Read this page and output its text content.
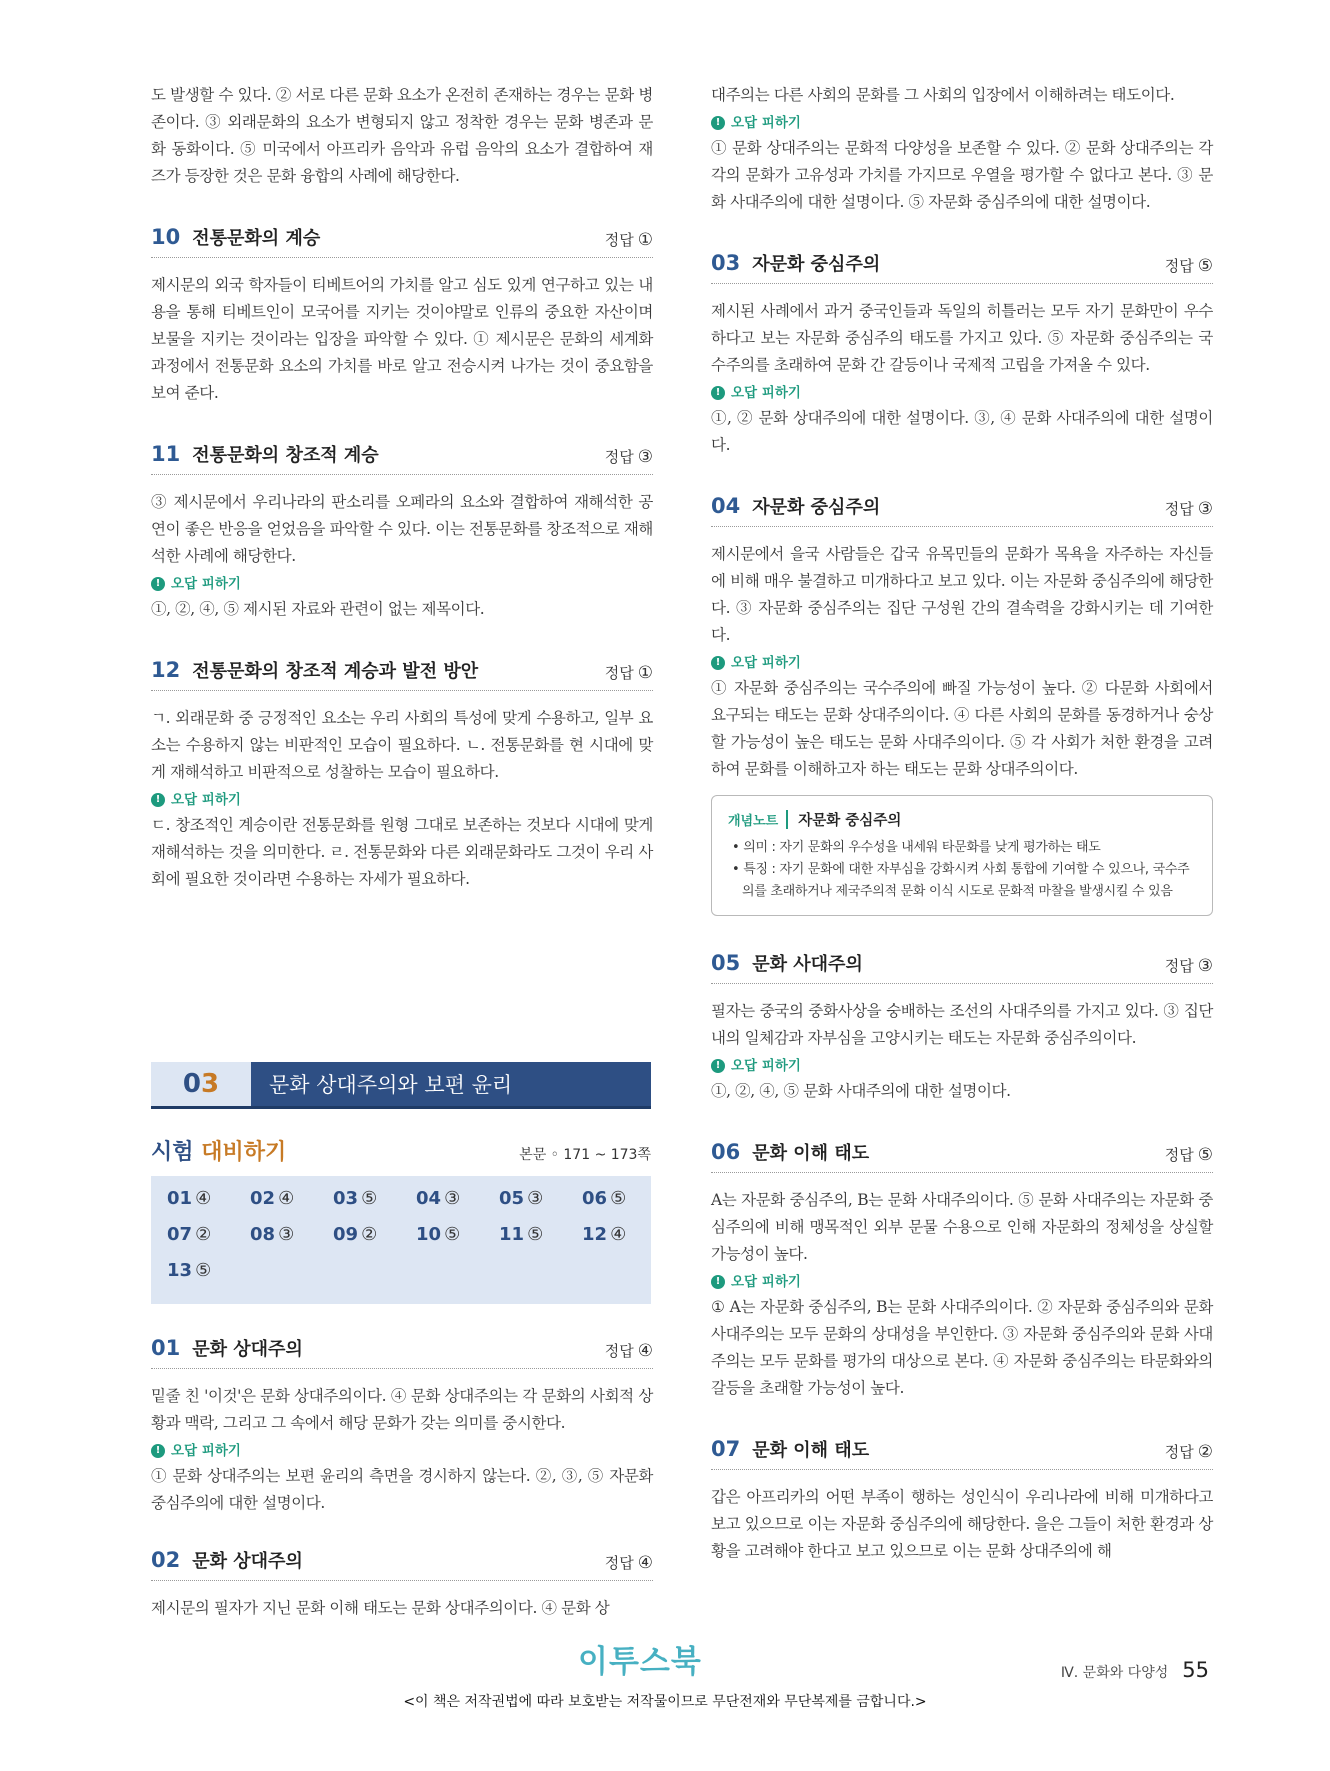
도 발생할 수 있다. ② 서로 다른 문화 요소가 온전히 존재하는 경우는 문화 병존이다. ③ 외래문화의 요소가 변형되지 않고 정착한 경우는 문화 병존과 문화 동화이다. ⑤ 미국에서 아프리카 음악과 유럽 음악의 요소가 결합하여 재즈가 등장한 것은 문화 융합의 사례에 해당한다.

10 전통문화의 계승	정답 ①

제시문의 외국 학자들이 티베트어의 가치를 알고 심도 있게 연구하고 있는 내용을 통해 티베트인이 모국어를 지키는 것이야말로 인류의 중요한 자산이며 보물을 지키는 것이라는 입장을 파악할 수 있다. ① 제시문은 문화의 세계화 과정에서 전통문화 요소의 가치를 바로 알고 전승시켜 나가는 것이 중요함을 보여 준다.

11 전통문화의 창조적 계승	정답 ③

③ 제시문에서 우리나라의 판소리를 오페라의 요소와 결합하여 재해석한 공연이 좋은 반응을 얻었음을 파악할 수 있다. 이는 전통문화를 창조적으로 재해석한 사례에 해당한다.

! 오답 피하기

①, ②, ④, ⑤ 제시된 자료와 관련이 없는 제목이다.

12 전통문화의 창조적 계승과 발전 방안	정답 ①

ㄱ. 외래문화 중 긍정적인 요소는 우리 사회의 특성에 맞게 수용하고, 일부 요소는 수용하지 않는 비판적인 모습이 필요하다. ㄴ. 전통문화를 현 시대에 맞게 재해석하고 비판적으로 성찰하는 모습이 필요하다.

! 오답 피하기

ㄷ. 창조적인 계승이란 전통문화를 원형 그대로 보존하는 것보다 시대에 맞게 재해석하는 것을 의미한다. ㄹ. 전통문화와 다른 외래문화라도 그것이 우리 사회에 필요한 것이라면 수용하는 자세가 필요하다.

0 3 문화 상대주의와 보편 윤리
시험 대비하기	본문 ◦ 171 ~ 173쪽
01 ④	02 ④	03 ⑤	04 ③	05 ③	06 ⑤
07 ②	08 ③	09 ②	10 ⑤	11 ⑤	12 ④
13 ⑤
01 문화 상대주의	정답 ④

밑줄 친 '이것'은 문화 상대주의이다. ④ 문화 상대주의는 각 문화의 사회적 상황과 맥락, 그리고 그 속에서 해당 문화가 갖는 의미를 중시한다.

! 오답 피하기

① 문화 상대주의는 보편 윤리의 측면을 경시하지 않는다. ②, ③, ⑤ 자문화 중심주의에 대한 설명이다.

02 문화 상대주의	정답 ④

제시문의 필자가 지닌 문화 이해 태도는 문화 상대주의이다. ④ 문화 상

대주의는 다른 사회의 문화를 그 사회의 입장에서 이해하려는 태도이다.

! 오답 피하기

① 문화 상대주의는 문화적 다양성을 보존할 수 있다. ② 문화 상대주의는 각각의 문화가 고유성과 가치를 가지므로 우열을 평가할 수 없다고 본다. ③ 문화 사대주의에 대한 설명이다. ⑤ 자문화 중심주의에 대한 설명이다.

03 자문화 중심주의	정답 ⑤

제시된 사례에서 과거 중국인들과 독일의 히틀러는 모두 자기 문화만이 우수하다고 보는 자문화 중심주의 태도를 가지고 있다. ⑤ 자문화 중심주의는 국수주의를 초래하여 문화 간 갈등이나 국제적 고립을 가져올 수 있다.

! 오답 피하기

①, ② 문화 상대주의에 대한 설명이다. ③, ④ 문화 사대주의에 대한 설명이다.

04 자문화 중심주의	정답 ③

제시문에서 을국 사람들은 갑국 유목민들의 문화가 목욕을 자주하는 자신들에 비해 매우 불결하고 미개하다고 보고 있다. 이는 자문화 중심주의에 해당한다. ③ 자문화 중심주의는 집단 구성원 간의 결속력을 강화시키는 데 기여한다.

! 오답 피하기

① 자문화 중심주의는 국수주의에 빠질 가능성이 높다. ② 다문화 사회에서 요구되는 태도는 문화 상대주의이다. ④ 다른 사회의 문화를 동경하거나 숭상할 가능성이 높은 태도는 문화 사대주의이다. ⑤ 각 사회가 처한 환경을 고려하여 문화를 이해하고자 하는 태도는 문화 상대주의이다.

개념노트	자문화 중심주의

• 의미 : 자기 문화의 우수성을 내세워 타문화를 낮게 평가하는 태도

• 특징 : 자기 문화에 대한 자부심을 강화시켜 사회 통합에 기여할 수 있으나, 국수주의를 초래하거나 제국주의적 문화 이식 시도로 문화적 마찰을 발생시킬 수 있음

05 문화 사대주의	정답 ③

필자는 중국의 중화사상을 숭배하는 조선의 사대주의를 가지고 있다. ③ 집단 내의 일체감과 자부심을 고양시키는 태도는 자문화 중심주의이다.

! 오답 피하기

①, ②, ④, ⑤ 문화 사대주의에 대한 설명이다.

06 문화 이해 태도	정답 ⑤

A는 자문화 중심주의, B는 문화 사대주의이다. ⑤ 문화 사대주의는 자문화 중심주의에 비해 맹목적인 외부 문물 수용으로 인해 자문화의 정체성을 상실할 가능성이 높다.

! 오답 피하기

① A는 자문화 중심주의, B는 문화 사대주의이다. ② 자문화 중심주의와 문화 사대주의는 모두 문화의 상대성을 부인한다. ③ 자문화 중심주의와 문화 사대주의는 모두 문화를 평가의 대상으로 본다. ④ 자문화 중심주의는 타문화와의 갈등을 초래할 가능성이 높다.

07 문화 이해 태도	정답 ②

갑은 아프리카의 어떤 부족이 행하는 성인식이 우리나라에 비해 미개하다고 보고 있으므로 이는 자문화 중심주의에 해당한다. 을은 그들이 처한 환경과 상황을 고려해야 한다고 보고 있으므로 이는 문화 상대주의에 해

이투스북	Ⅳ. 문화와 다양성 55
<이 책은 저작권법에 따라 보호받는 저작물이므로 무단전재와 무단복제를 금합니다.>
